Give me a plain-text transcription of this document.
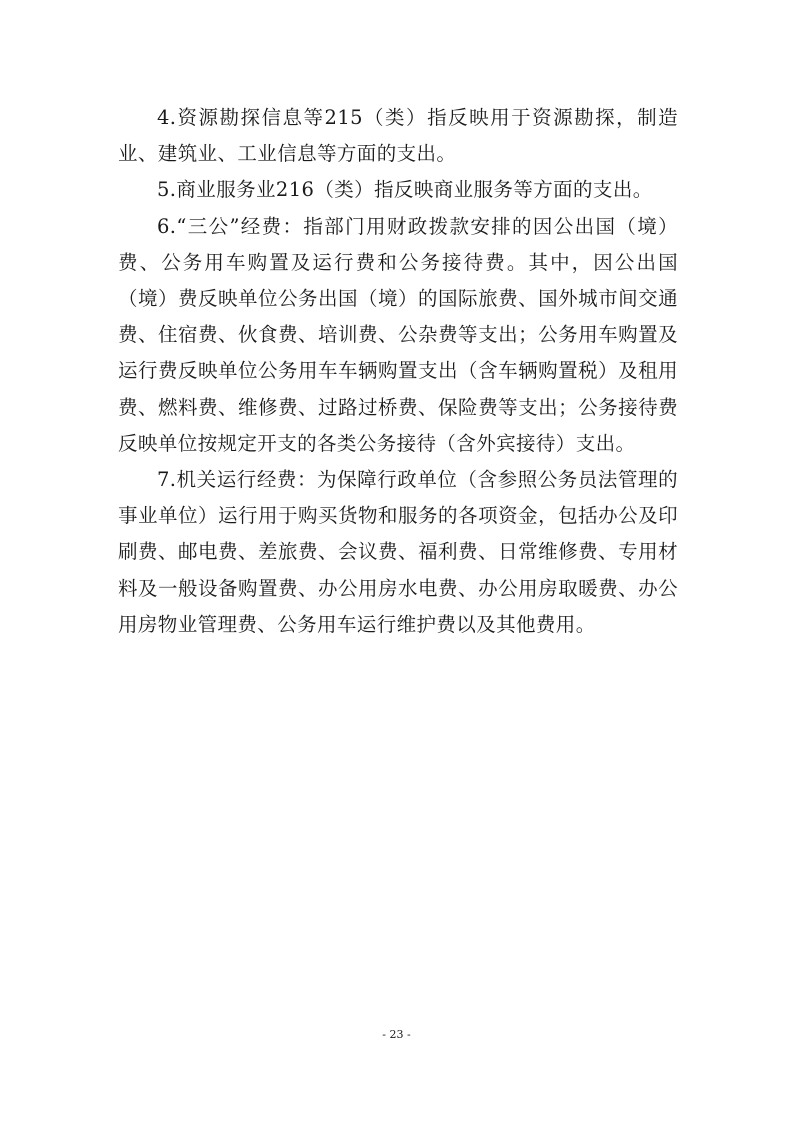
4.资源勘探信息等215（类）指反映用于资源勘探，制造业、建筑业、工业信息等方面的支出。

5.商业服务业216（类）指反映商业服务等方面的支出。

6.“三公”经费：指部门用财政拨款安排的因公出国（境）费、公务用车购置及运行费和公务接待费。其中，因公出国（境）费反映单位公务出国（境）的国际旅费、国外城市间交通费、住宿费、伙食费、培训费、公杂费等支出；公务用车购置及运行费反映单位公务用车车辆购置支出（含车辆购置税）及租用费、燃料费、维修费、过路过桥费、保险费等支出；公务接待费反映单位按规定开支的各类公务接待（含外宾接待）支出。

7.机关运行经费：为保障行政单位（含参照公务员法管理的事业单位）运行用于购买货物和服务的各项资金，包括办公及印刷费、邮电费、差旅费、会议费、福利费、日常维修费、专用材料及一般设备购置费、办公用房水电费、办公用房取暖费、办公用房物业管理费、公务用车运行维护费以及其他费用。

- 23 -
